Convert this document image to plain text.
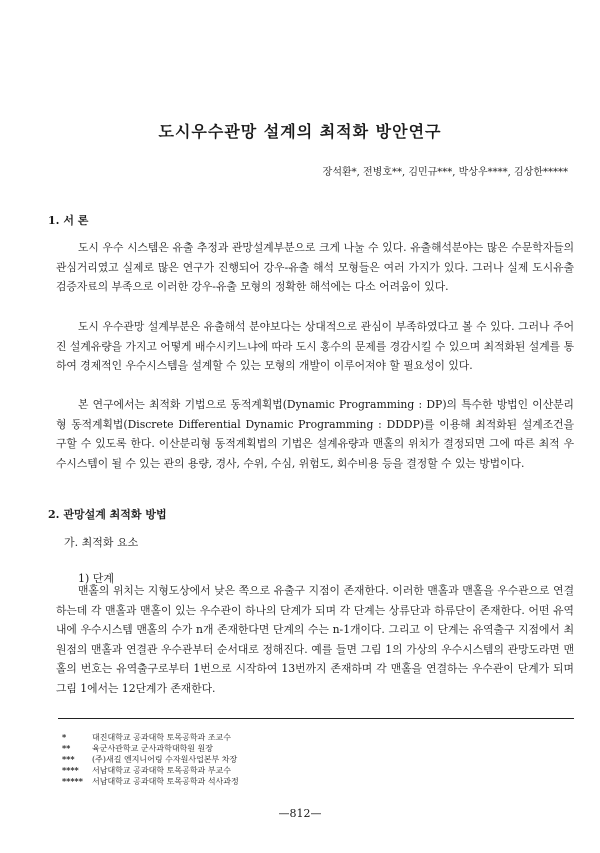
도시우수관망 설계의 최적화 방안연구
장석환*, 전병호**, 김민규***, 박상우****, 김상한*****
1. 서 론

도시 우수 시스템은 유출 추정과 관망설계부분으로 크게 나눌 수 있다. 유출해석분야는 많은 수문학자들의 관심거리였고 실제로 많은 연구가 진행되어 강우-유출 해석 모형들은 여러 가지가 있다. 그러나 실제 도시유출 검증자료의 부족으로 이러한 강우-유출 모형의 정확한 해석에는 다소 어려움이 있다.

도시 우수관망 설계부분은 유출해석 분야보다는 상대적으로 관심이 부족하였다고 볼 수 있다. 그러나 주어진 설계유량을 가지고 어떻게 배수시키느냐에 따라 도시 홍수의 문제를 경감시킬 수 있으며 최적화된 설계를 통하여 경제적인 우수시스템을 설계할 수 있는 모형의 개발이 이루어져야 할 필요성이 있다.

본 연구에서는 최적화 기법으로 동적계획법(Dynamic Programming : DP)의 특수한 방법인 이산분리형 동적계획법(Discrete Differential Dynamic Programming : DDDP)를 이용해 최적화된 설계조건을 구할 수 있도록 한다. 이산분리형 동적계획법의 기법은 설계유량과 맨홀의 위치가 결정되면 그에 따른 최적 우수시스템이 될 수 있는 관의 용량, 경사, 수위, 수심, 위험도, 회수비용 등을 결정할 수 있는 방법이다.

2. 관망설계 최적화 방법
가. 최적화 요소
1) 단계

맨홀의 위치는 지형도상에서 낮은 쪽으로 유출구 지점이 존재한다. 이러한 맨홀과 맨홀을 우수관으로 연결하는데 각 맨홀과 맨홀이 있는 우수관이 하나의 단계가 되며 각 단계는 상류단과 하류단이 존재한다. 어떤 유역 내에 우수시스템 맨홀의 수가 n개 존재한다면 단계의 수는 n-1개이다. 그리고 이 단계는 유역출구 지점에서 최원점의 맨홀과 연결관 우수관부터 순서대로 정해진다. 예를 들면 그림 1의 가상의 우수시스템의 관망도라면 맨홀의 번호는 유역출구로부터 1번으로 시작하여 13번까지 존재하며 각 맨홀을 연결하는 우수관이 단계가 되며 그림 1에서는 12단계가 존재한다.

*	대진대학교 공과대학 토목공학과 조교수
**	육군사관학교 군사과학대학원 원장
*** (주)새길 엔지니어링 수자원사업본부 차장
**** 서남대학교 공과대학 토목공학과 부교수
***** 서남대학교 공과대학 토목공학과 석사과정
—812—
